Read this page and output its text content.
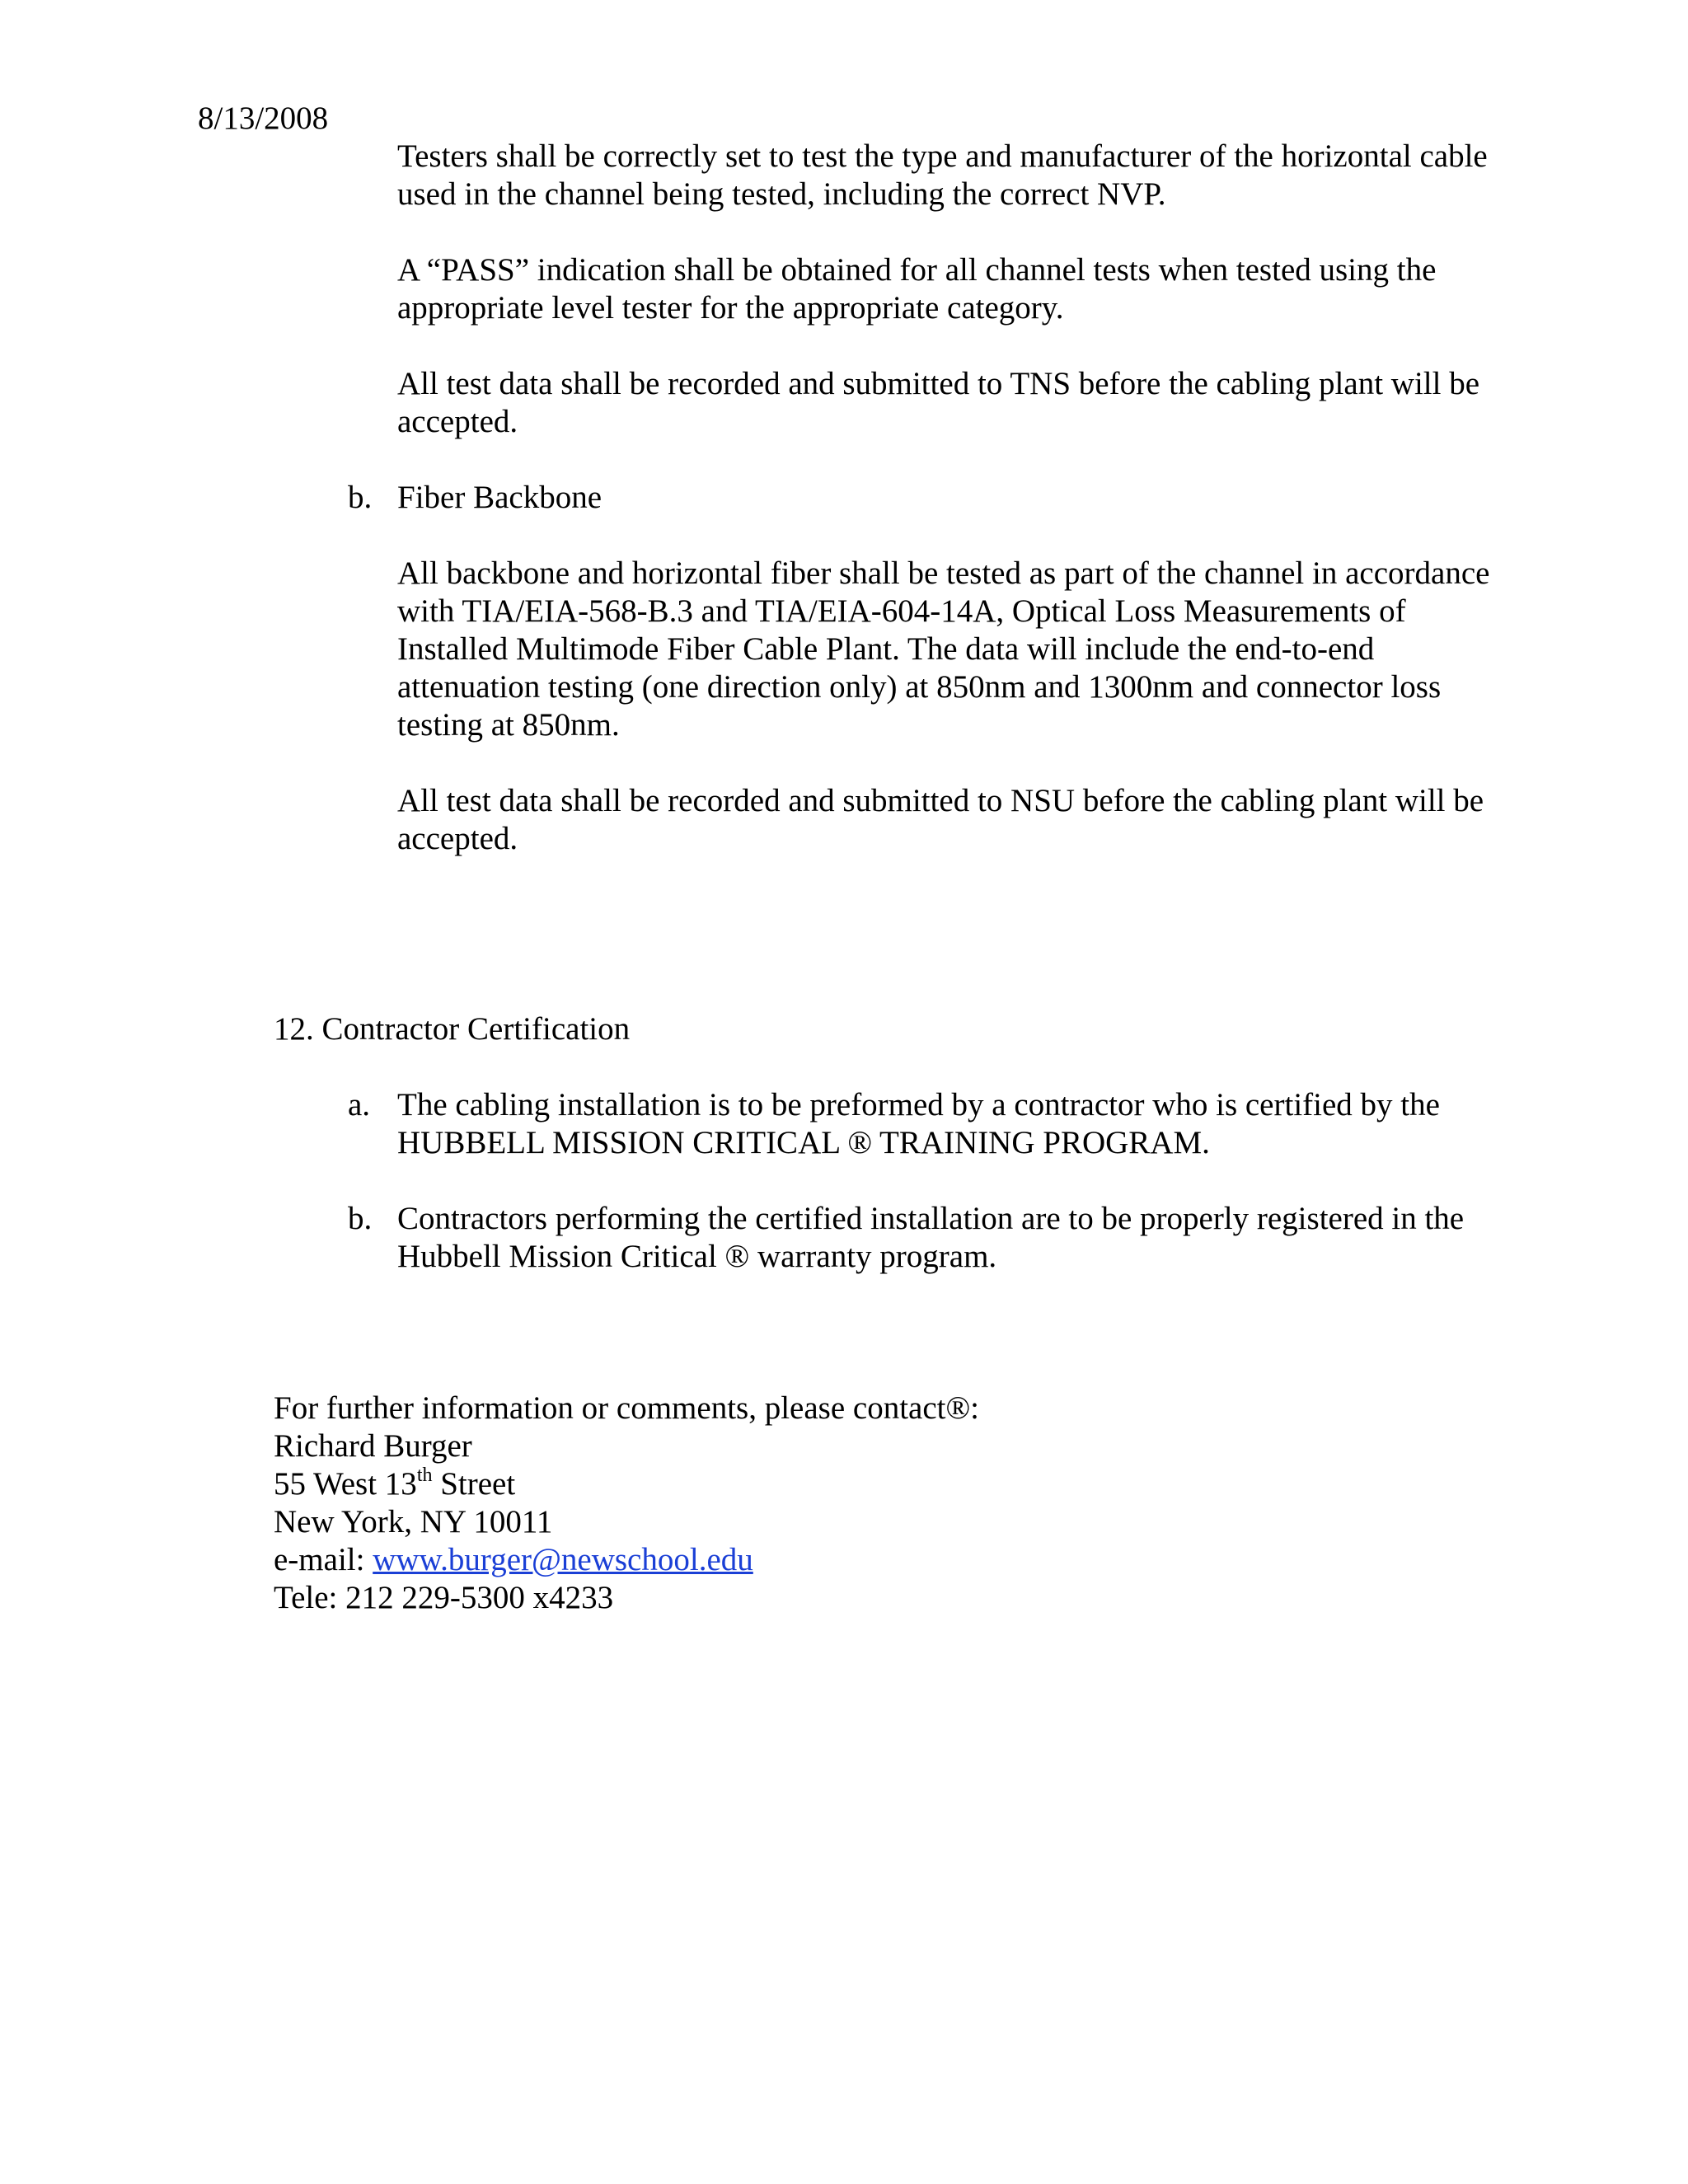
8/13/2008
Testers shall be correctly set to test the type and manufacturer of the horizontal cable used in the channel being tested, including the correct NVP.
A “PASS” indication shall be obtained for all channel tests when tested using the appropriate level tester for the appropriate category.
All test data shall be recorded and submitted to TNS before the cabling plant will be accepted.
b. Fiber Backbone
All backbone and horizontal fiber shall be tested as part of the channel in accordance with TIA/EIA-568-B.3 and TIA/EIA-604-14A, Optical Loss Measurements of Installed Multimode Fiber Cable Plant. The data will include the end-to-end attenuation testing (one direction only) at 850nm and 1300nm and connector loss testing at 850nm.
All test data shall be recorded and submitted to NSU before the cabling plant will be accepted.
12. Contractor Certification
a. The cabling installation is to be preformed by a contractor who is certified by the HUBBELL MISSION CRITICAL ® TRAINING PROGRAM.
b. Contractors performing the certified installation are to be properly registered in the Hubbell Mission Critical ® warranty program.
For further information or comments, please contact®:
Richard Burger
55 West 13th Street
New York, NY 10011
e-mail: www.burger@newschool.edu
Tele: 212 229-5300 x4233
